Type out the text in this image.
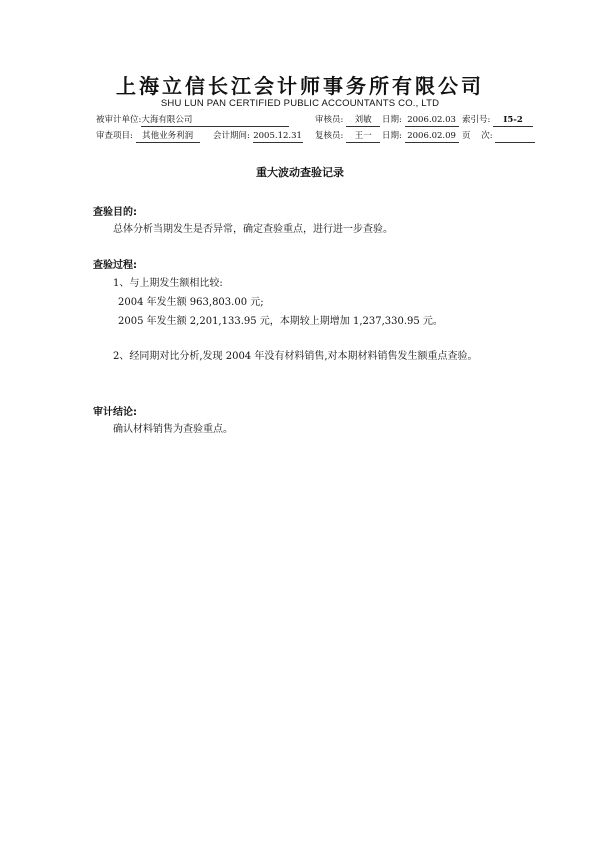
上海立信长江会计师事务所有限公司
SHU LUN PAN CERTIFIED PUBLIC ACCOUNTANTS CO., LTD
被审计单位:大海有限公司	审核员: 刘敏	日期: 2006.02.03 索引号: I5-2
审查项目: 其他业务利润	会计期间: 2005.12.31 复核员: 王一	日期: 2006.02.09 页    次:
重大波动查验记录
查验目的:
总体分析当期发生是否异常，确定查验重点，进行进一步查验。
查验过程:
1、与上期发生额相比较:
2004 年发生额 963,803.00 元;
2005 年发生额 2,201,133.95 元，本期较上期增加 1,237,330.95 元。
2、经同期对比分析,发现 2004 年没有材料销售,对本期材料销售发生额重点查验。
审计结论:
确认材料销售为查验重点。
